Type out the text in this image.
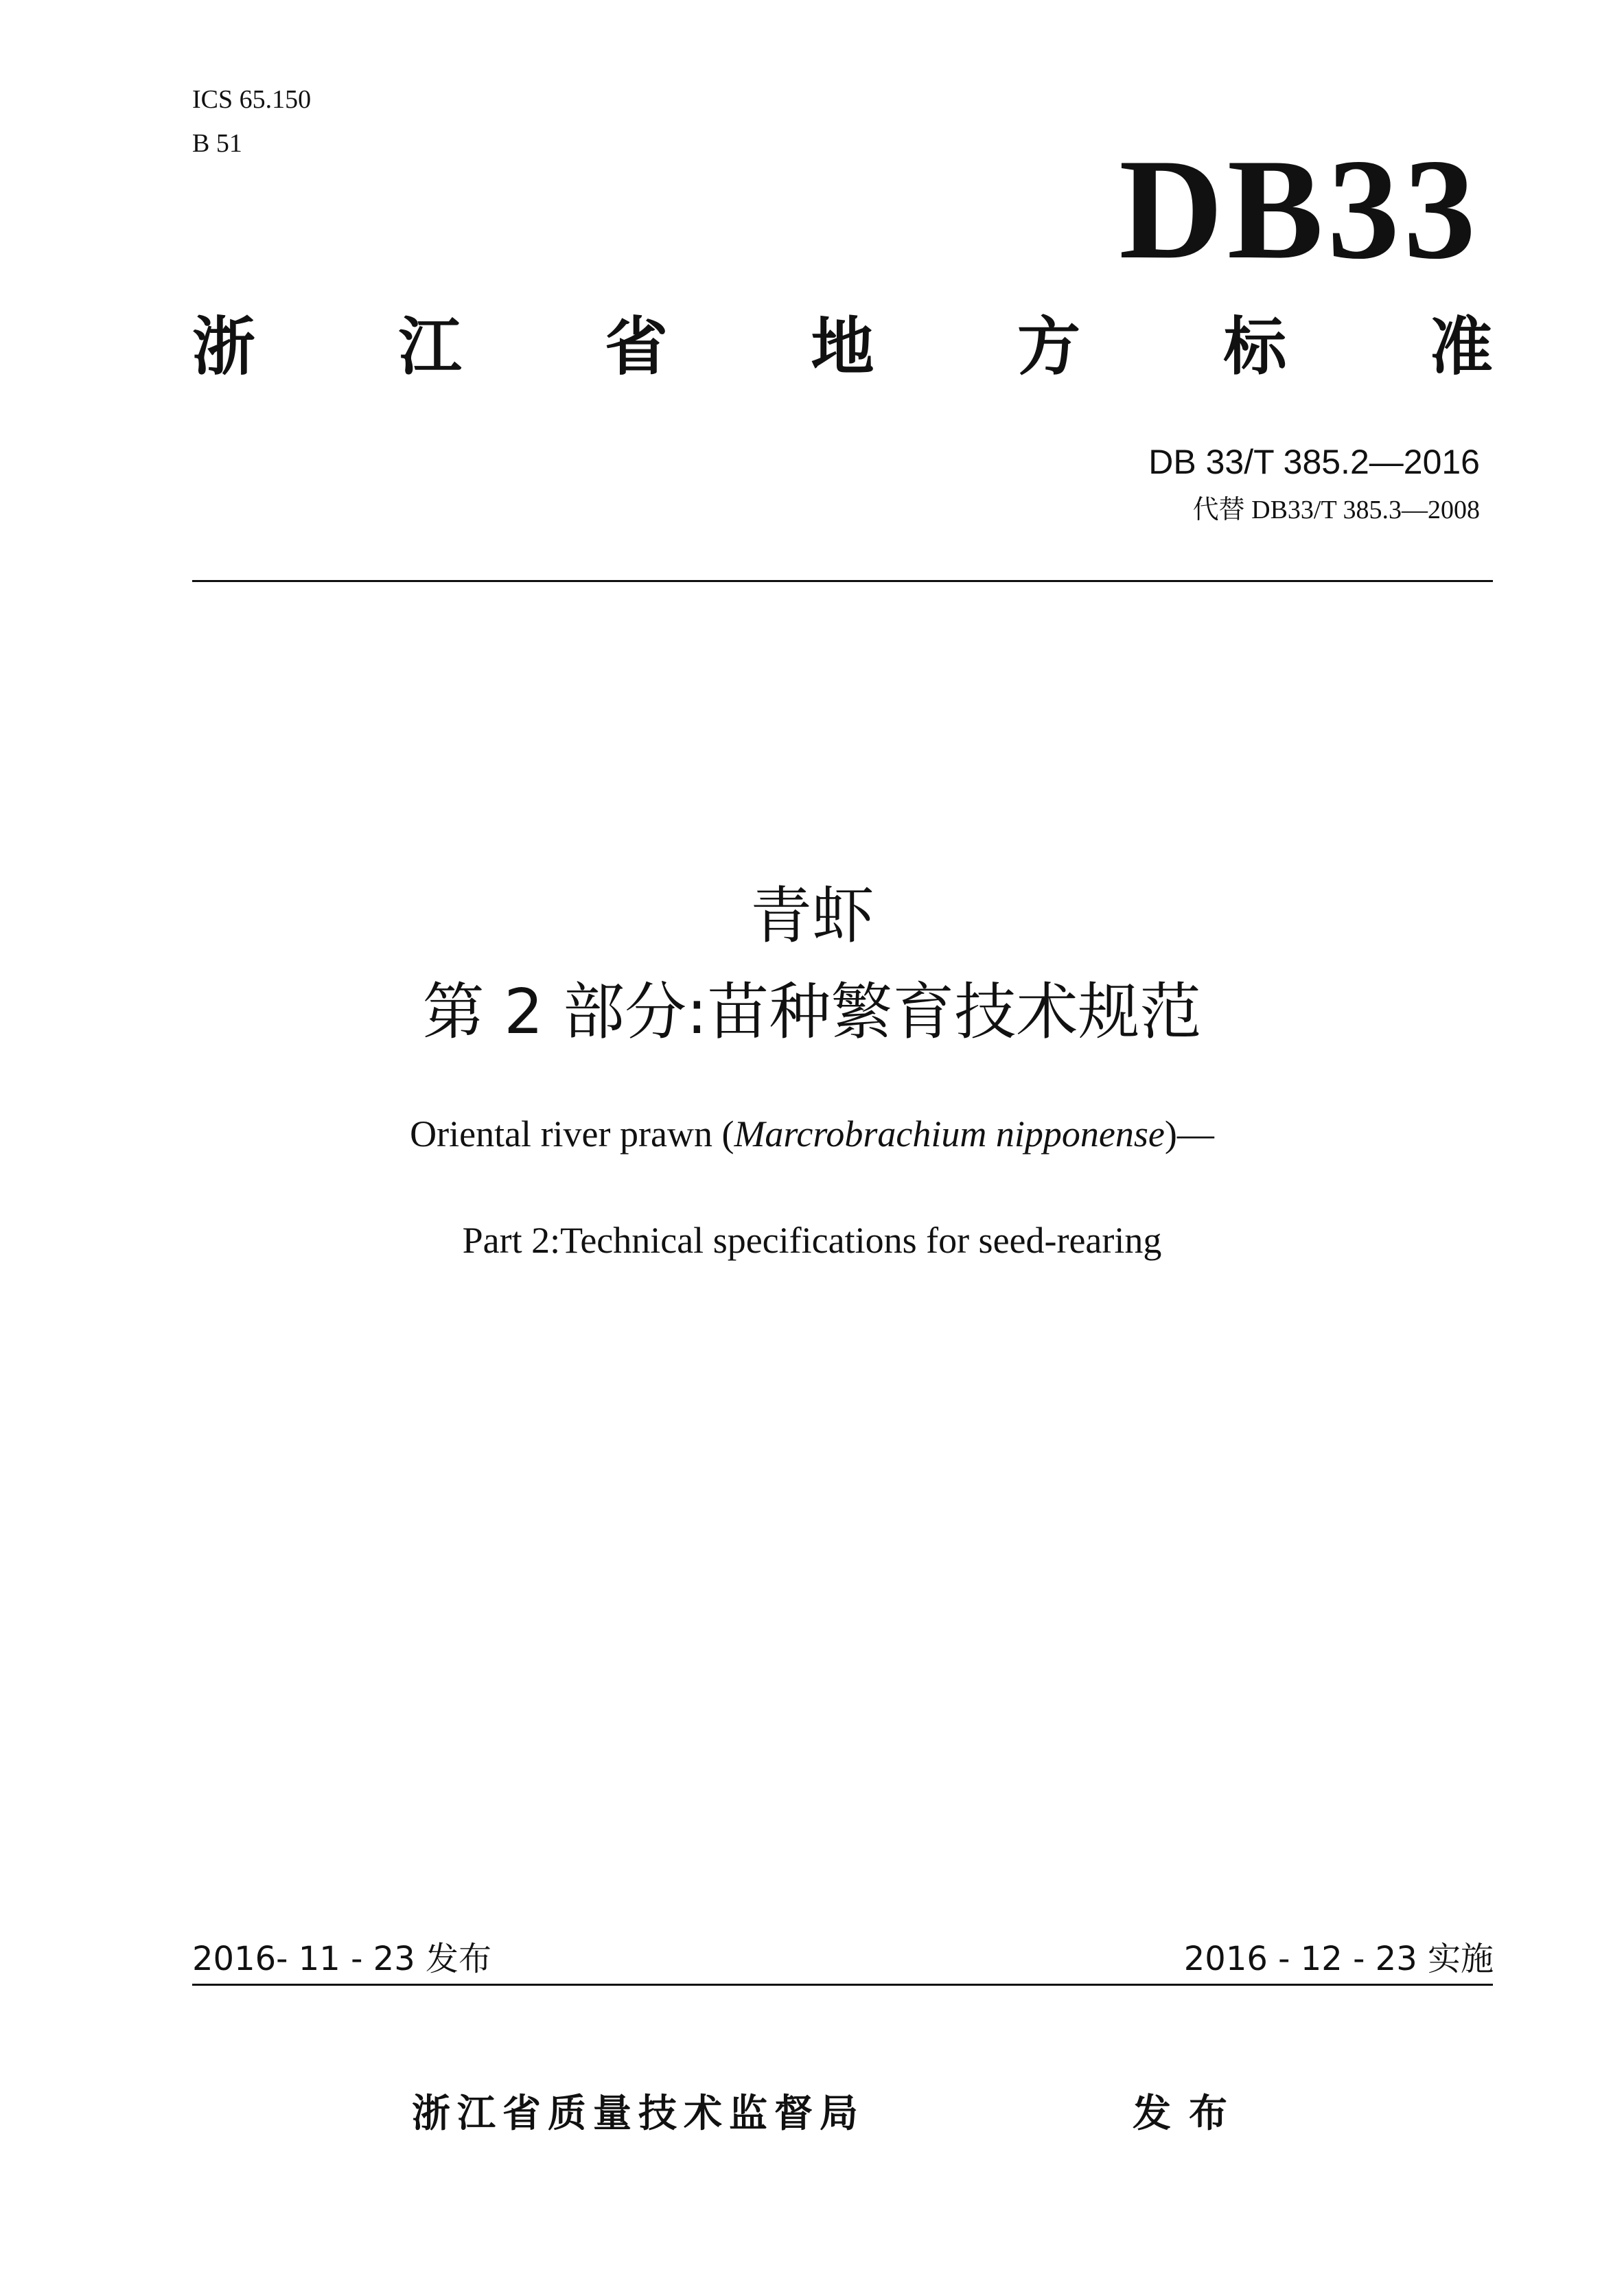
ICS 65.150
B 51	DB33
浙 江 省 地 方 标 准
DB 33/T 385.2—2016
代替 DB33/T 385.3—2008
青虾
第 2 部分:苗种繁育技术规范
Oriental river prawn (Marcrobrachium nipponense)—
Part 2:Technical specifications for seed-rearing
2016- 11 - 23 发布	2016 - 12 - 23 实施
浙江省质量技术监督局	发布
